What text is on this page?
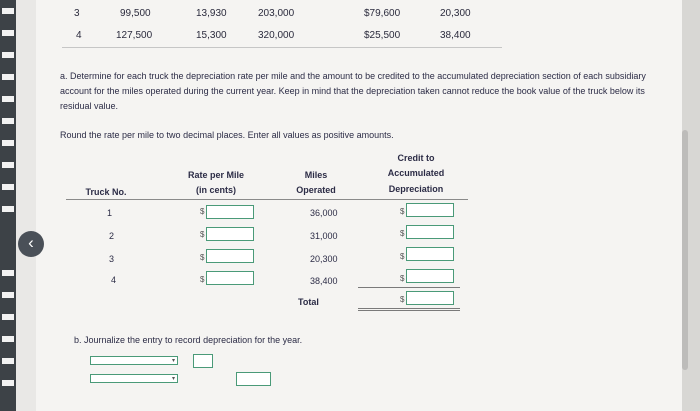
3	99,500	13,930	203,000	$79,600	20,300
4	127,500	15,300	320,000	$25,500	38,400
a. Determine for each truck the depreciation rate per mile and the amount to be credited to the accumulated depreciation section of each subsidiary account for the miles operated during the current year. Keep in mind that the depreciation taken cannot reduce the book value of the truck below its residual value.
Round the rate per mile to two decimal places. Enter all values as positive amounts.
Truck No.
Rate per Mile
(in cents)
Miles
Operated
Credit to
Accumulated
Depreciation
1	$	36,000	$
2	$	31,000	$
3	$	20,300	$
4	$	38,400	$
Total	$
b. Journalize the entry to record depreciation for the year.
▾
▾
‹
